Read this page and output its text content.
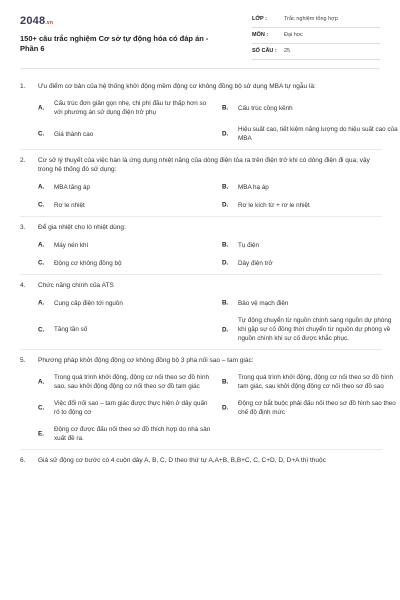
2048.vn
150+ câu trắc nghiệm Cơ sở tự động hóa có đáp án - Phần 6
LỚP :	Trắc nghiệm tổng hợp
MÔN :	Đại học
SỐ CÂU : 25
1. Ưu điểm cơ bản của hệ thống khởi động mềm động cơ không đồng bộ sử dụng MBA tự ngẫu là:
A.
Cấu trúc đơn giản gọn nhẹ, chi phí đầu tư thấp hơn so với phương án sử dụng điện trở phụ
B. Cấu trúc cồng kềnh
C. Giá thành cao	D.
Hiệu suất cao, tiết kiệm năng lượng do hiệu suất cao của MBA
2. Cơ sở lý thuyết của việc hàn là ứng dụng nhiệt năng của dòng điện tỏa ra trên điện trở khi có dòng điện đi qua, vậy trong hệ thống đó sử dụng:
A. MBA tăng áp	B. MBA hạ áp
C. Rơ le nhiệt	D. Rơ le kích từ + rơ le nhiệt
3. Để gia nhiệt cho lò nhiệt dùng:
A. Máy nén khí	B. Tụ điện
C. Động cơ không đồng bộ	D. Dây điện trở
4. Chức năng chính của ATS
A. Cung cấp điện tới nguồn	B. Bảo vệ mạch điện
C. Tăng tần số	D.
Tự động chuyển từ nguồn chính sang nguồn dự phòng khi gặp sự cố đồng thời chuyển từ nguồn dự phòng về nguồn chính khi sự cố được khắc phục.
5. Phương pháp khởi động động cơ không đồng bộ 3 pha nối sao – tam giác:
A.
Trong quá trình khởi động, động cơ nối theo sơ đồ hình sao, sau khởi động động cơ nối theo sơ đồ tam giác
B.
Trong quá trình khởi động, động cơ nối theo sơ đồ hình tam giác, sau khởi động động cơ nối theo sơ đồ sao
C.
Việc đổi nối sao – tam giác được thực hiện ở dây quấn rô to động cơ
D.
Động cơ bắt buộc phải đấu nối theo sơ đồ hình sao theo chế độ định mức
E.
Động cơ được đấu nối theo sơ đồ thích hợp do nhà sản xuất đề ra.
6. Giả sử động cơ bước có 4 cuộn dây A, B, C, D theo thứ tự A,A+B, B,B+C, C, C+D, D, D+A thì thuộc
